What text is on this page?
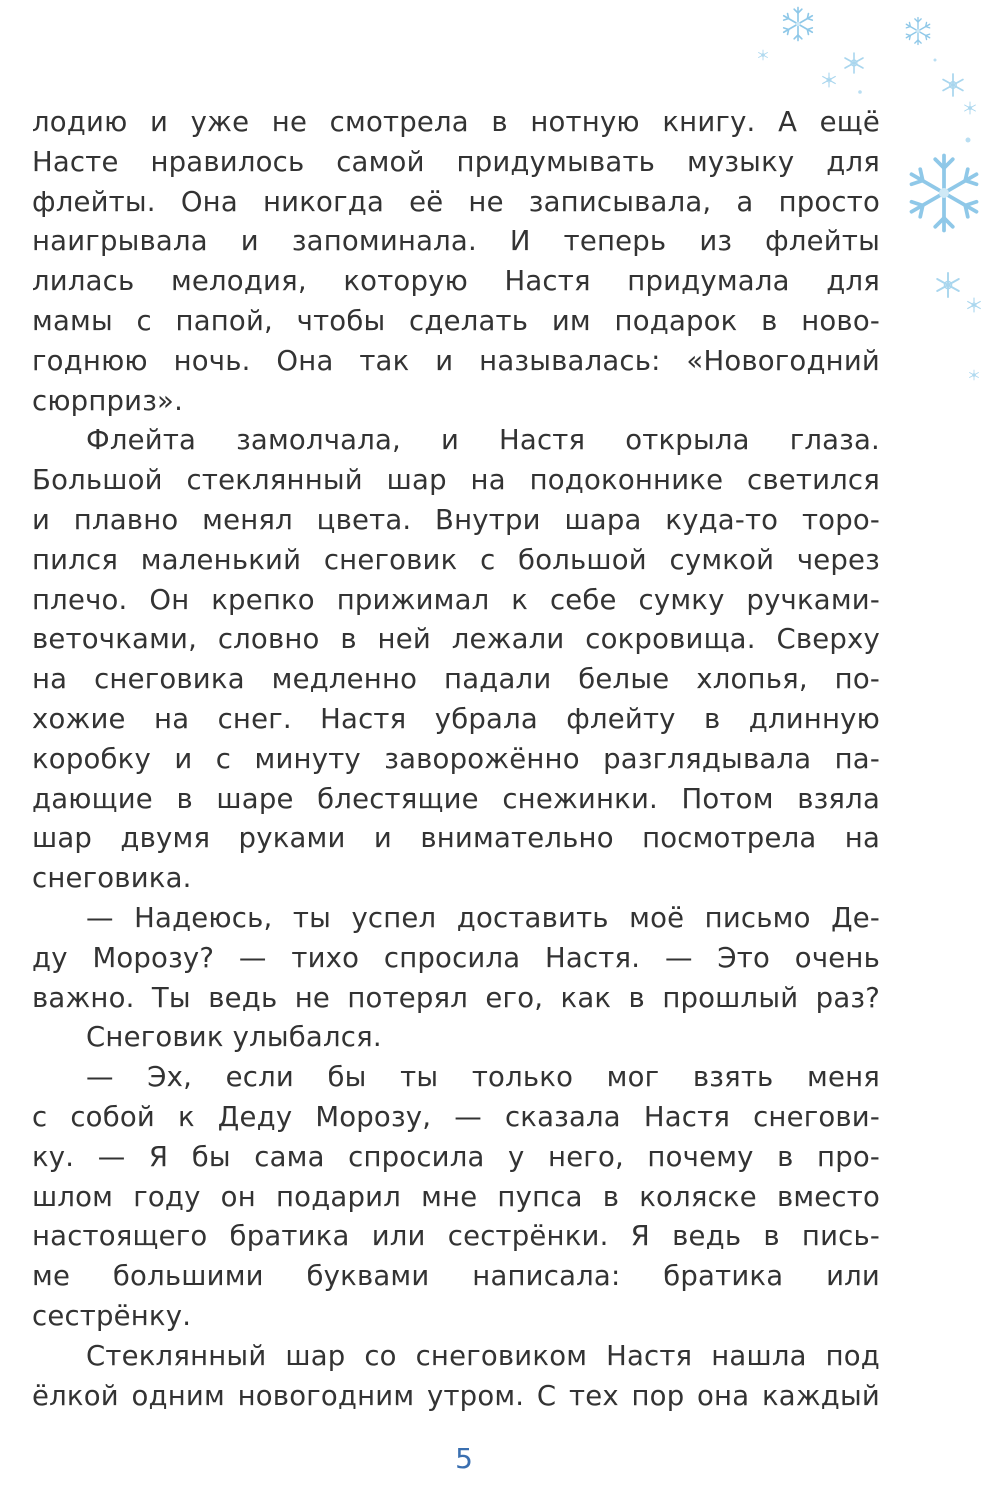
лодию и уже не смотрела в нотную книгу. А ещё
Насте нравилось самой придумывать музыку для
флейты. Она никогда её не записывала, а просто
наигрывала и запоминала. И теперь из флейты
лилась мелодия, которую Настя придумала для
мамы с папой, чтобы сделать им подарок в ново-
годнюю ночь. Она так и называлась: «Новогодний
сюрприз».
Флейта замолчала, и Настя открыла глаза.
Большой стеклянный шар на подоконнике светился
и плавно менял цвета. Внутри шара куда-то торо-
пился маленький снеговик с большой сумкой через
плечо. Он крепко прижимал к себе сумку ручками-
веточками, словно в ней лежали сокровища. Сверху
на снеговика медленно падали белые хлопья, по-
хожие на снег. Настя убрала флейту в длинную
коробку и с минуту заворожённо разглядывала па-
дающие в шаре блестящие снежинки. Потом взяла
шар двумя руками и внимательно посмотрела на
снеговика.
— Надеюсь, ты успел доставить моё письмо Де-
ду Морозу? — тихо спросила Настя. — Это очень
важно. Ты ведь не потерял его, как в прошлый раз?
Снеговик улыбался.
— Эх, если бы ты только мог взять меня
с собой к Деду Морозу, — сказала Настя снегови-
ку. — Я бы сама спросила у него, почему в про-
шлом году он подарил мне пупса в коляске вместо
настоящего братика или сестрёнки. Я ведь в пись-
ме большими буквами написала: братика или
сестрёнку.
Стеклянный шар со снеговиком Настя нашла под
ёлкой одним новогодним утром. С тех пор она каждый
5
